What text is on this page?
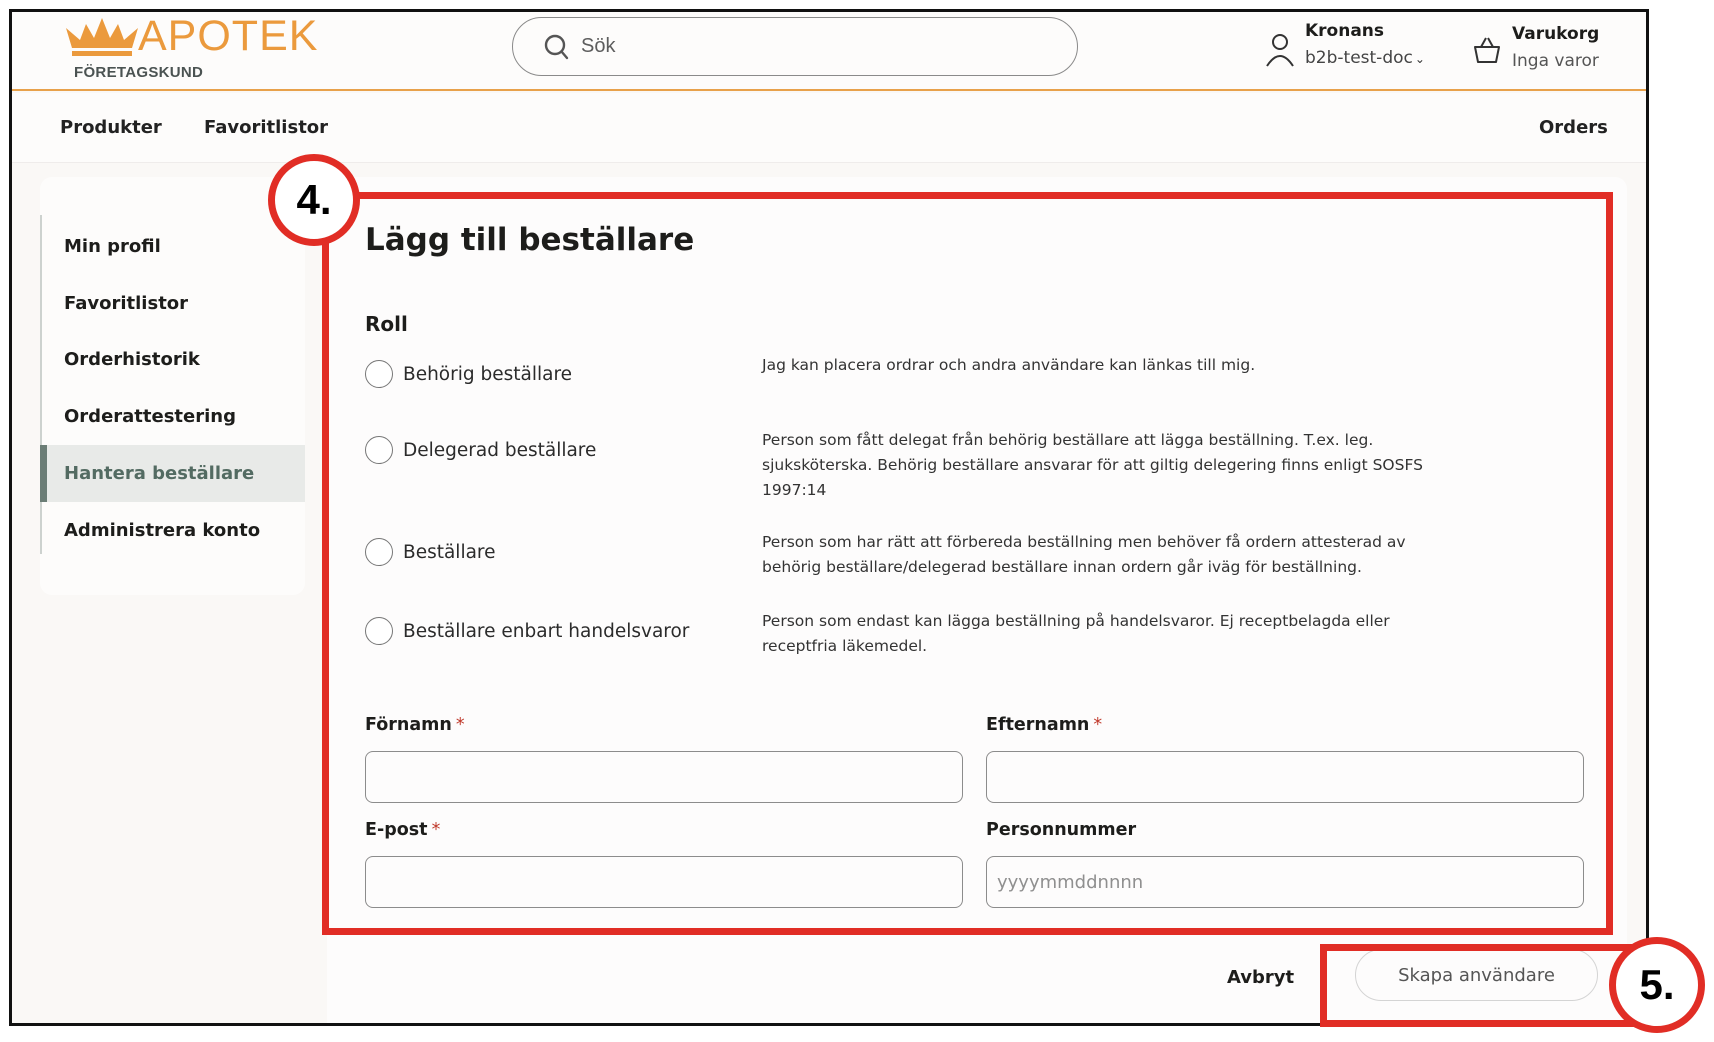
APOTEK
FÖRETAGSKUND
Sök
Kronans
b2b-test-doc ⌄
Varukorg
Inga varor
Produkter Favoritlistor	Orders
Min profil
Favoritlistor
Orderhistorik
Orderattestering
Hantera beställare
Administrera konto
Lägg till beställare
Roll
Behörig beställare	Jag kan placera ordrar och andra användare kan länkas till mig.
Delegerad beställare	Person som fått delegat från behörig beställare att lägga beställning. T.ex. leg. sjuksköterska. Behörig beställare ansvarar för att giltig delegering finns enligt SOSFS 1997:14
Beställare	Person som har rätt att förbereda beställning men behöver få ordern attesterad av behörig beställare/delegerad beställare innan ordern går iväg för beställning.
Beställare enbart handelsvaror	Person som endast kan lägga beställning på handelsvaror. Ej receptbelagda eller receptfria läkemedel.
Förnamn *	Efternamn *
E-post *	Personnummer
yyyymmddnnnn
Avbryt	Skapa användare
4.
5.
